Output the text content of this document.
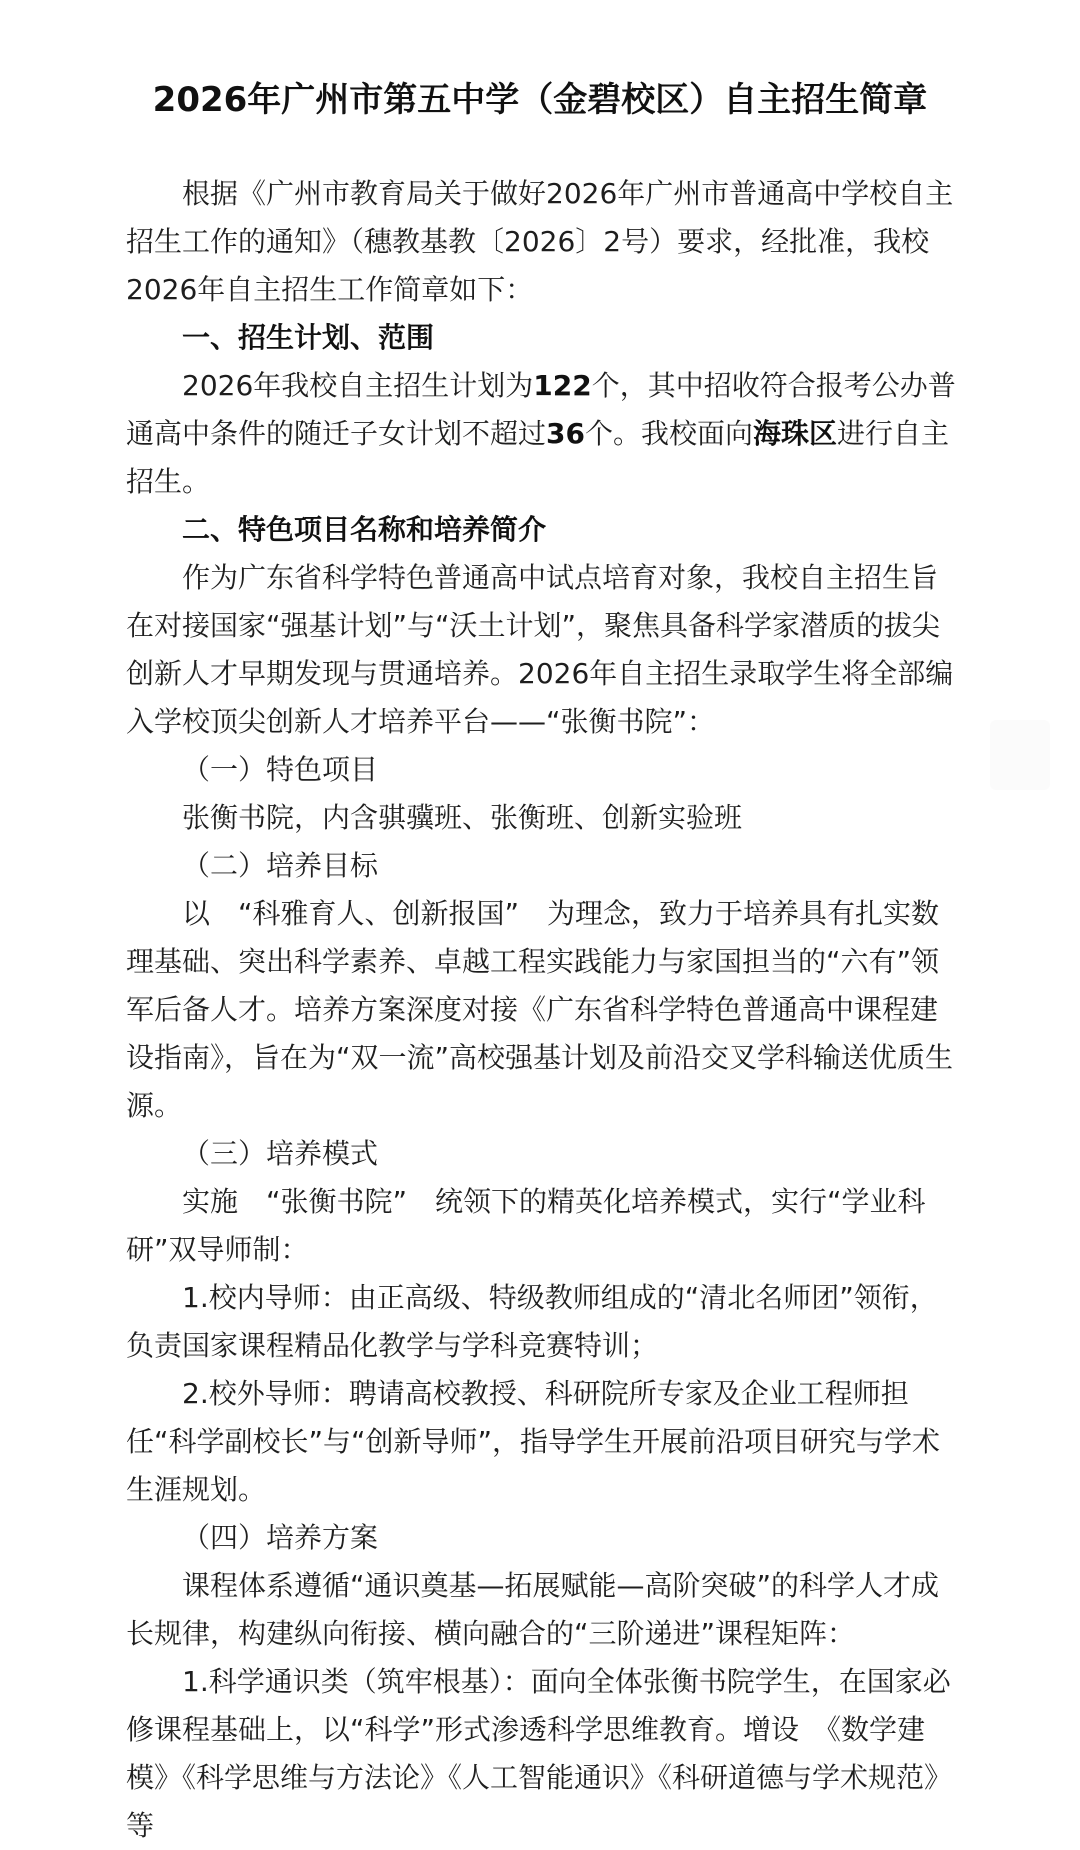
2026年广州市第五中学（金碧校区）自主招生简章

根据《广州市教育局关于做好2026年广州市普通高中学校自主招生工作的通知》（穗教基教〔2026〕2号）要求，经批准，我校2026年自主招生工作简章如下：

一、招生计划、范围

2026年我校自主招生计划为122个，其中招收符合报考公办普通高中条件的随迁子女计划不超过36个。我校面向海珠区进行自主招生。

二、特色项目名称和培养简介

作为广东省科学特色普通高中试点培育对象，我校自主招生旨在对接国家“强基计划”与“沃土计划”，聚焦具备科学家潜质的拔尖创新人才早期发现与贯通培养。2026年自主招生录取学生将全部编入学校顶尖创新人才培养平台——“张衡书院”：

（一）特色项目

张衡书院，内含骐骥班、张衡班、创新实验班

（二）培养目标

以　“科雅育人、创新报国”　为理念，致力于培养具有扎实数理基础、突出科学素养、卓越工程实践能力与家国担当的“六有”领军后备人才。培养方案深度对接《广东省科学特色普通高中课程建设指南》，旨在为“双一流”高校强基计划及前沿交叉学科输送优质生源。

（三）培养模式

实施　“张衡书院”　统领下的精英化培养模式，实行“学业科研”双导师制：

1.校内导师：由正高级、特级教师组成的“清北名师团”领衔，负责国家课程精品化教学与学科竞赛特训；

2.校外导师：聘请高校教授、科研院所专家及企业工程师担任“科学副校长”与“创新导师”，指导学生开展前沿项目研究与学术生涯规划。

（四）培养方案

课程体系遵循“通识奠基—拓展赋能—高阶突破”的科学人才成长规律，构建纵向衔接、横向融合的“三阶递进”课程矩阵：

1.科学通识类（筑牢根基）：面向全体张衡书院学生，在国家必修课程基础上，以“科学”形式渗透科学思维教育。增设　《数学建模》《科学思维与方法论》《人工智能通识》《科研道德与学术规范》　等
